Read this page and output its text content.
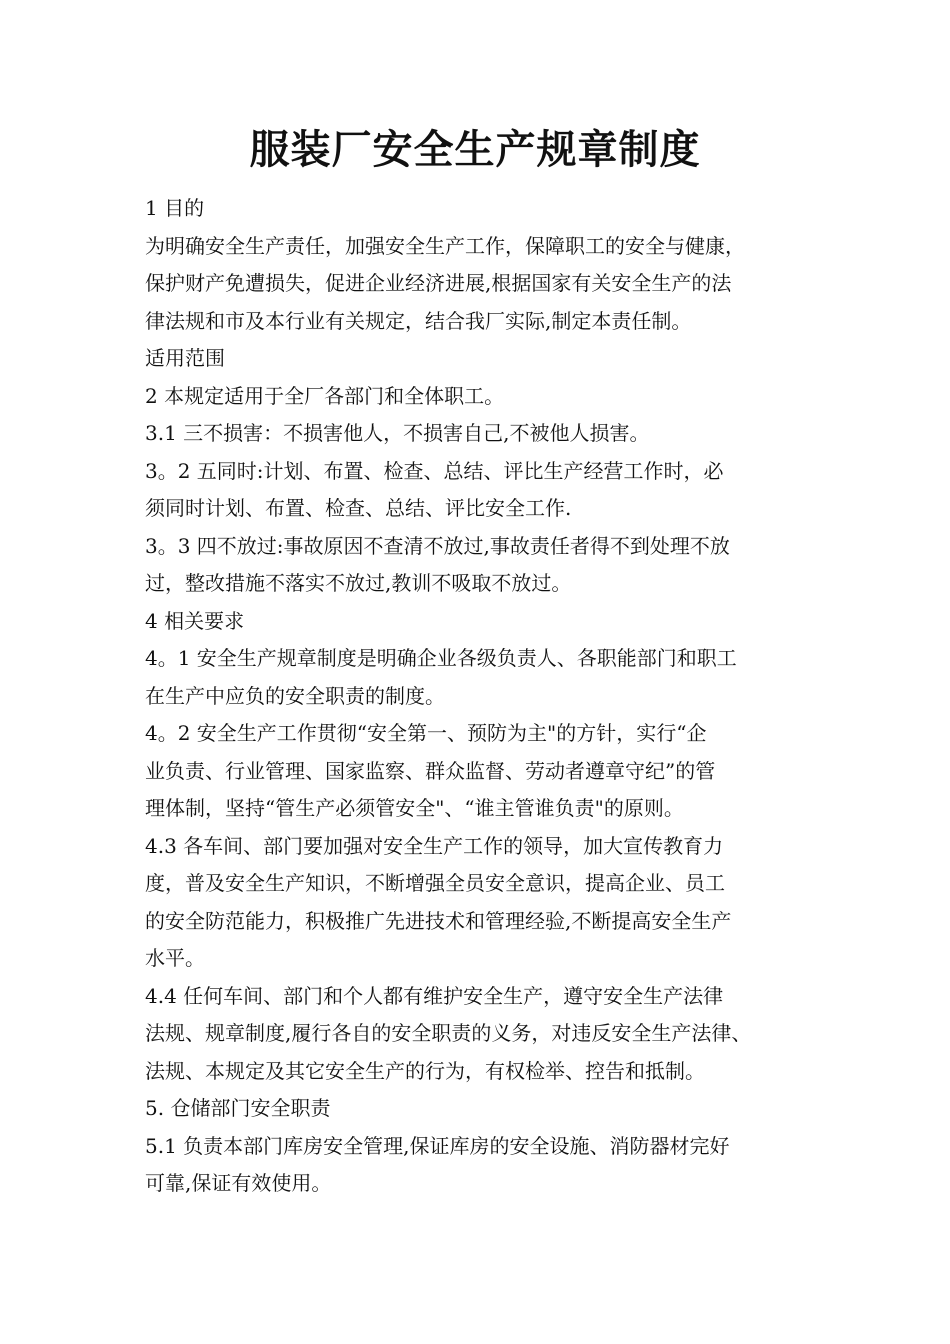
服装厂安全生产规章制度
1 目的
为明确安全生产责任，加强安全生产工作，保障职工的安全与健康，
保护财产免遭损失，促进企业经济进展,根据国家有关安全生产的法
律法规和市及本行业有关规定，结合我厂实际,制定本责任制。
适用范围
2 本规定适用于全厂各部门和全体职工。
3.1 三不损害：不损害他人，不损害自己,不被他人损害。
3。2 五同时:计划、布置、检查、总结、评比生产经营工作时，必
须同时计划、布置、检查、总结、评比安全工作.
3。3 四不放过:事故原因不查清不放过,事故责任者得不到处理不放
过，整改措施不落实不放过,教训不吸取不放过。
4 相关要求
4。1 安全生产规章制度是明确企业各级负责人、各职能部门和职工
在生产中应负的安全职责的制度。
4。2 安全生产工作贯彻“安全第一、预防为主"的方针，实行“企
业负责、行业管理、国家监察、群众监督、劳动者遵章守纪”的管
理体制，坚持“管生产必须管安全"、“谁主管谁负责"的原则。
4.3 各车间、部门要加强对安全生产工作的领导，加大宣传教育力
度，普及安全生产知识，不断增强全员安全意识，提高企业、员工
的安全防范能力，积极推广先进技术和管理经验,不断提高安全生产
水平。
4.4 任何车间、部门和个人都有维护安全生产，遵守安全生产法律
法规、规章制度,履行各自的安全职责的义务，对违反安全生产法律、
法规、本规定及其它安全生产的行为，有权检举、控告和抵制。
5. 仓储部门安全职责
5.1 负责本部门库房安全管理,保证库房的安全设施、消防器材完好
可靠,保证有效使用。
